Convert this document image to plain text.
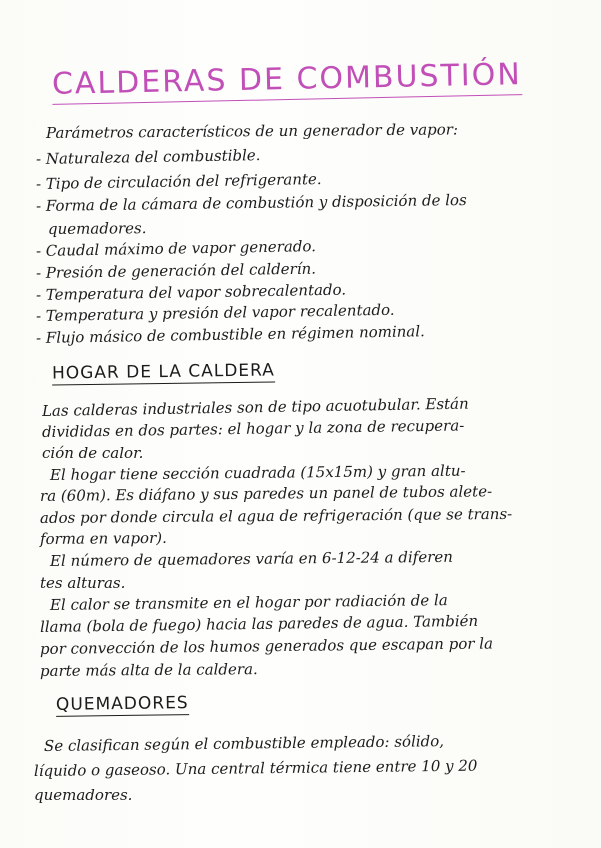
CALDERAS DE COMBUSTIÓN
Parámetros característicos de un generador de vapor:
- Naturaleza del combustible.
- Tipo de circulación del refrigerante.
- Forma de la cámara de combustión y disposición de los
quemadores.
- Caudal máximo de vapor generado.
- Presión de generación del calderín.
- Temperatura del vapor sobrecalentado.
- Temperatura y presión del vapor recalentado.
- Flujo másico de combustible en régimen nominal.
HOGAR DE LA CALDERA
Las calderas industriales son de tipo acuotubular. Están
divididas en dos partes: el hogar y la zona de recupera-
ción de calor.
El hogar tiene sección cuadrada (15x15m) y gran altu-
ra (60m). Es diáfano y sus paredes un panel de tubos alete-
ados por donde circula el agua de refrigeración (que se trans-
forma en vapor).
El número de quemadores varía en 6-12-24 a diferen
tes alturas.
El calor se transmite en el hogar por radiación de la
llama (bola de fuego) hacia las paredes de agua. También
por convección de los humos generados que escapan por la
parte más alta de la caldera.
QUEMADORES
Se clasifican según el combustible empleado: sólido,
líquido o gaseoso. Una central térmica tiene entre 10 y 20
quemadores.
